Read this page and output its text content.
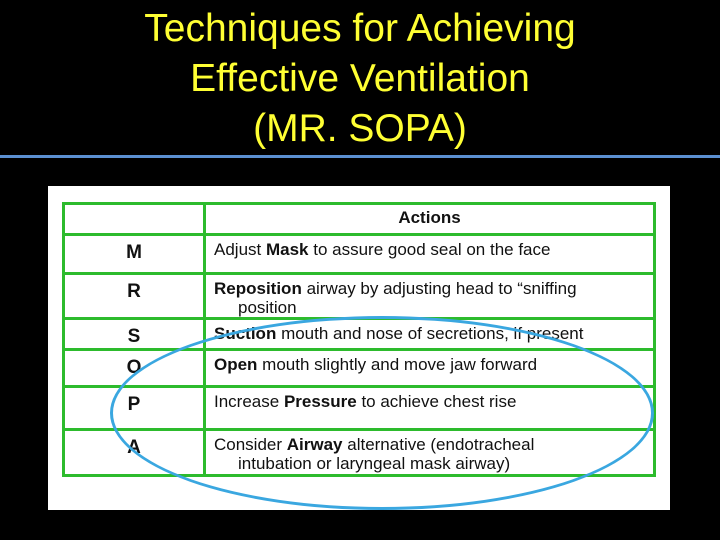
Techniques for Achieving
Effective Ventilation
(MR. SOPA)
	Actions
M	Adjust Mask to assure good seal on the face
R	Reposition airway by adjusting head to “sniffing
position

S	Suction mouth and nose of secretions, if present
O	Open mouth slightly and move jaw forward
P	Increase Pressure to achieve chest rise
A	Consider Airway alternative (endotracheal
intubation or laryngeal mask airway)
